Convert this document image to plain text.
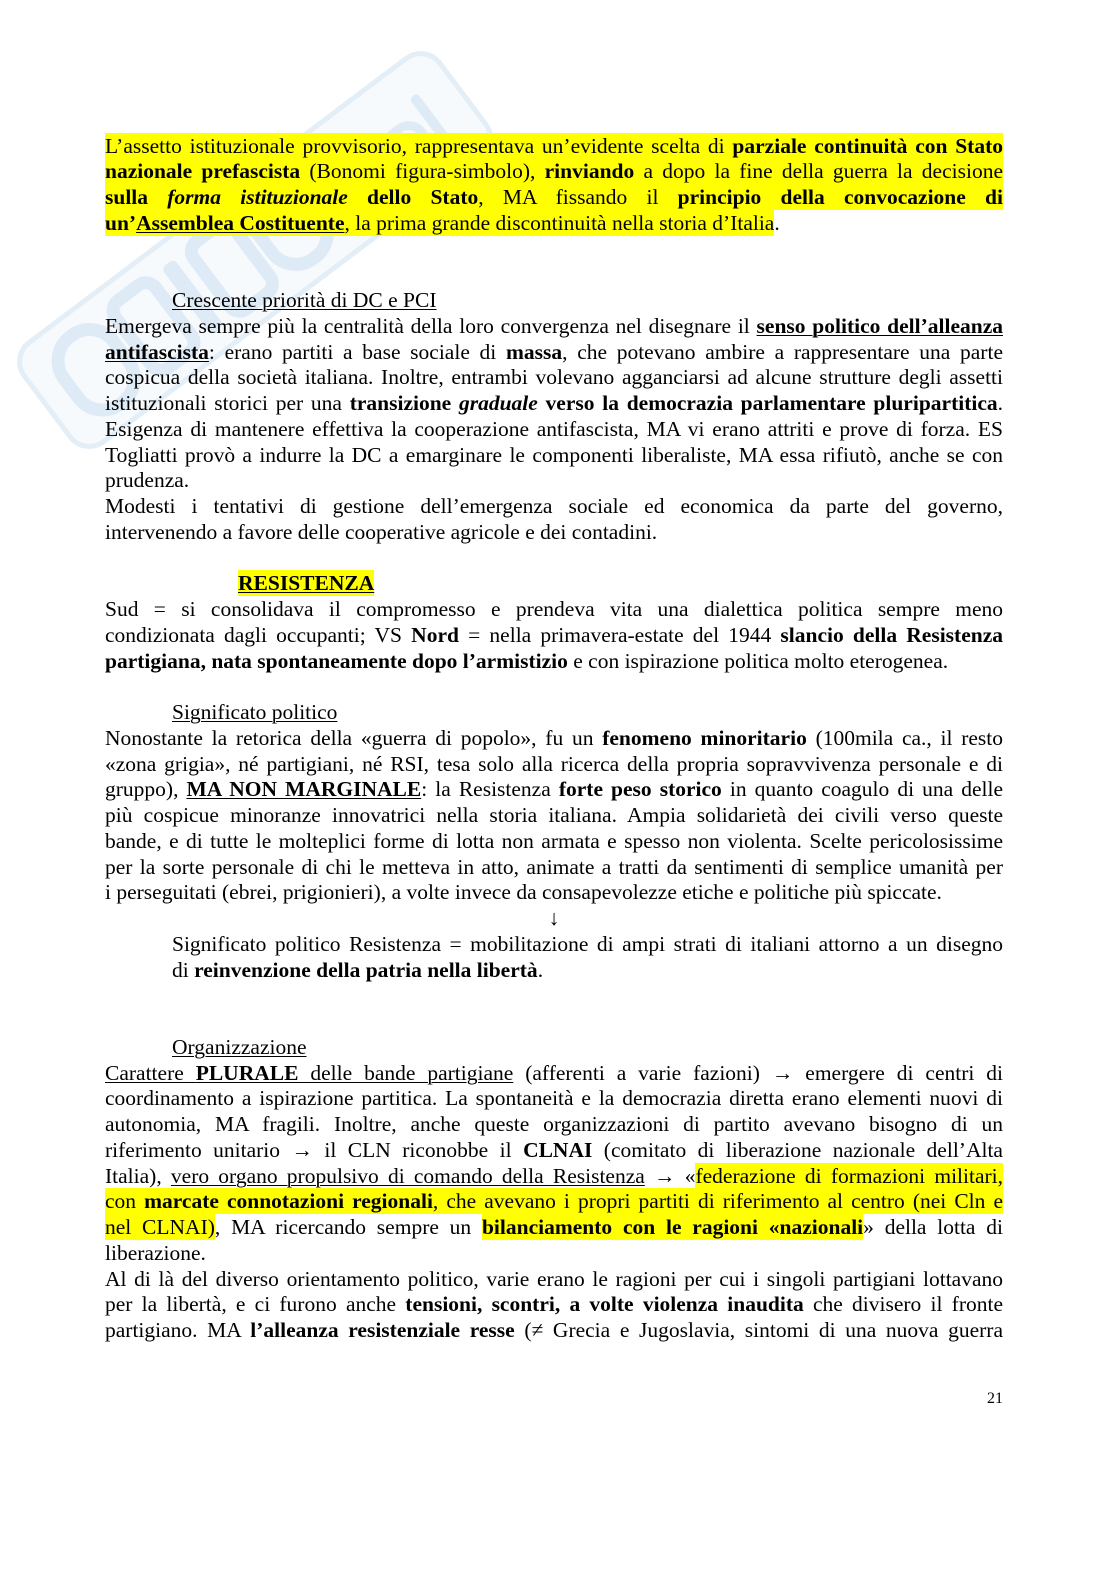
L’assetto istituzionale provvisorio, rappresentava un’evidente scelta di parziale continuità con Stato
nazionale prefascista (Bonomi figura-simbolo), rinviando a dopo la fine della guerra la decisione
sulla forma istituzionale dello Stato, MA fissando il principio della convocazione di
un’Assemblea Costituente, la prima grande discontinuità nella storia d’Italia.
Crescente priorità di DC e PCI
Emergeva sempre più la centralità della loro convergenza nel disegnare il senso politico dell’alleanza
antifascista: erano partiti a base sociale di massa, che potevano ambire a rappresentare una parte
cospicua della società italiana. Inoltre, entrambi volevano agganciarsi ad alcune strutture degli assetti
istituzionali storici per una transizione graduale verso la democrazia parlamentare pluripartitica.
Esigenza di mantenere effettiva la cooperazione antifascista, MA vi erano attriti e prove di forza. ES
Togliatti provò a indurre la DC a emarginare le componenti liberaliste, MA essa rifiutò, anche se con
prudenza.
Modesti i tentativi di gestione dell’emergenza sociale ed economica da parte del governo,
intervenendo a favore delle cooperative agricole e dei contadini.
RESISTENZA
Sud = si consolidava il compromesso e prendeva vita una dialettica politica sempre meno
condizionata dagli occupanti; VS Nord = nella primavera-estate del 1944 slancio della Resistenza
partigiana, nata spontaneamente dopo l’armistizio e con ispirazione politica molto eterogenea.
Significato politico
Nonostante la retorica della «guerra di popolo», fu un fenomeno minoritario (100mila ca., il resto
«zona grigia», né partigiani, né RSI, tesa solo alla ricerca della propria sopravvivenza personale e di
gruppo), MA NON MARGINALE: la Resistenza forte peso storico in quanto coagulo di una delle
più cospicue minoranze innovatrici nella storia italiana. Ampia solidarietà dei civili verso queste
bande, e di tutte le molteplici forme di lotta non armata e spesso non violenta. Scelte pericolosissime
per la sorte personale di chi le metteva in atto, animate a tratti da sentimenti di semplice umanità per
i perseguitati (ebrei, prigionieri), a volte invece da consapevolezze etiche e politiche più spiccate.
↓
Significato politico Resistenza = mobilitazione di ampi strati di italiani attorno a un disegno
di reinvenzione della patria nella libertà.
Organizzazione
Carattere PLURALE delle bande partigiane (afferenti a varie fazioni) → emergere di centri di
coordinamento a ispirazione partitica. La spontaneità e la democrazia diretta erano elementi nuovi di
autonomia, MA fragili. Inoltre, anche queste organizzazioni di partito avevano bisogno di un
riferimento unitario → il CLN riconobbe il CLNAI (comitato di liberazione nazionale dell’Alta
Italia), vero organo propulsivo di comando della Resistenza → «federazione di formazioni militari,
con marcate connotazioni regionali, che avevano i propri partiti di riferimento al centro (nei Cln e
nel CLNAI), MA ricercando sempre un bilanciamento con le ragioni «nazionali» della lotta di
liberazione.
Al di là del diverso orientamento politico, varie erano le ragioni per cui i singoli partigiani lottavano
per la libertà, e ci furono anche tensioni, scontri, a volte violenza inaudita che divisero il fronte
partigiano. MA l’alleanza resistenziale resse (≠ Grecia e Jugoslavia, sintomi di una nuova guerra
21
